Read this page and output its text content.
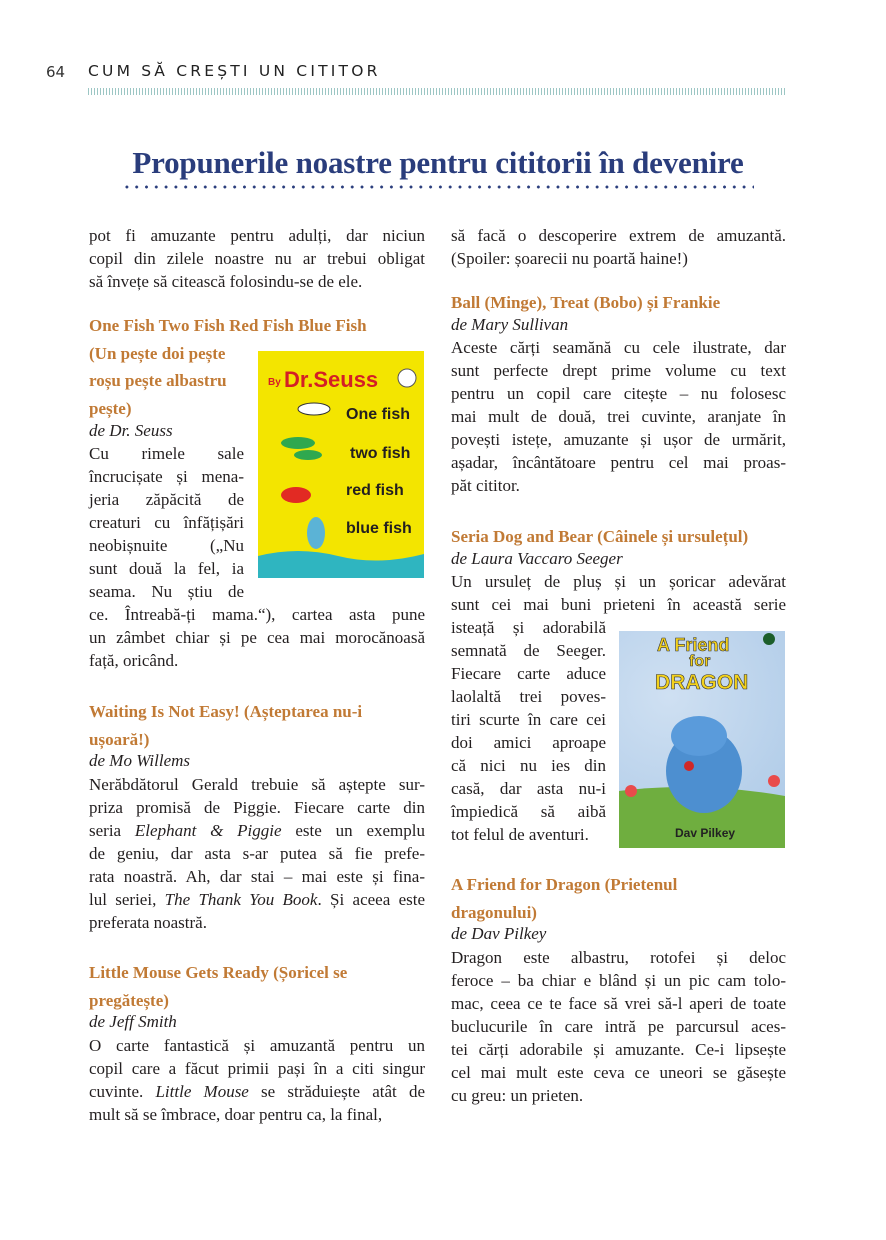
64 CUM SĂ CREȘTI UN CITITOR
Propunerile noastre pentru cititorii în devenire
By Dr.Seuss
One fish
two fish
red fish
blue fish
A Friend
for
DRAGON
Dav Pilkey
pot fi amuzante pentru adulți, dar niciun
copil din zilele noastre nu ar trebui obligat
să învețe să citească folosindu-se de ele.
One Fish Two Fish Red Fish Blue Fish
(Un pește doi pește
roșu pește albastru
pește)
de Dr. Seuss
Cu rimele sale
încrucișate și mena-
jeria zăpăcită de
creaturi cu înfățișări
neobișnuite („Nu
sunt două la fel, ia
seama. Nu știu de
ce. Întreabă-ți mama.“), cartea asta pune
un zâmbet chiar și pe cea mai morocănoasă
față, oricând.
Waiting Is Not Easy! (Așteptarea nu-i
ușoară!)
de Mo Willems
Nerăbdătorul Gerald trebuie să aștepte sur-
priza promisă de Piggie. Fiecare carte din
seria Elephant & Piggie este un exemplu
de geniu, dar asta s-ar putea să fie prefe-
rata noastră. Ah, dar stai – mai este și fina-
lul seriei, The Thank You Book. Și aceea este
preferata noastră.
Little Mouse Gets Ready (Șoricel se
pregătește)
de Jeff Smith
O carte fantastică și amuzantă pentru un
copil care a făcut primii pași în a citi singur
cuvinte. Little Mouse se străduiește atât de
mult să se îmbrace, doar pentru ca, la final,
să facă o descoperire extrem de amuzantă.
(Spoiler: șoarecii nu poartă haine!)
Ball (Minge), Treat (Bobo) și Frankie
de Mary Sullivan
Aceste cărți seamănă cu cele ilustrate, dar
sunt perfecte drept prime volume cu text
pentru un copil care citește – nu folosesc
mai mult de două, trei cuvinte, aranjate în
povești istețe, amuzante și ușor de urmărit,
așadar, încântătoare pentru cel mai proas-
păt cititor.
Seria Dog and Bear (Câinele și ursulețul)
de Laura Vaccaro Seeger
Un ursuleț de pluș și un șoricar adevărat
sunt cei mai buni prieteni în această serie
isteață și adorabilă
semnată de Seeger.
Fiecare carte aduce
laolaltă trei poves-
tiri scurte în care cei
doi amici aproape
că nici nu ies din
casă, dar asta nu-i
împiedică să aibă
tot felul de aventuri.
A Friend for Dragon (Prietenul
dragonului)
de Dav Pilkey
Dragon este albastru, rotofei și deloc
feroce – ba chiar e blând și un pic cam tolo-
mac, ceea ce te face să vrei să-l aperi de toate
buclucurile în care intră pe parcursul aces-
tei cărți adorabile și amuzante. Ce-i lipsește
cel mai mult este ceva ce uneori se găsește
cu greu: un prieten.
